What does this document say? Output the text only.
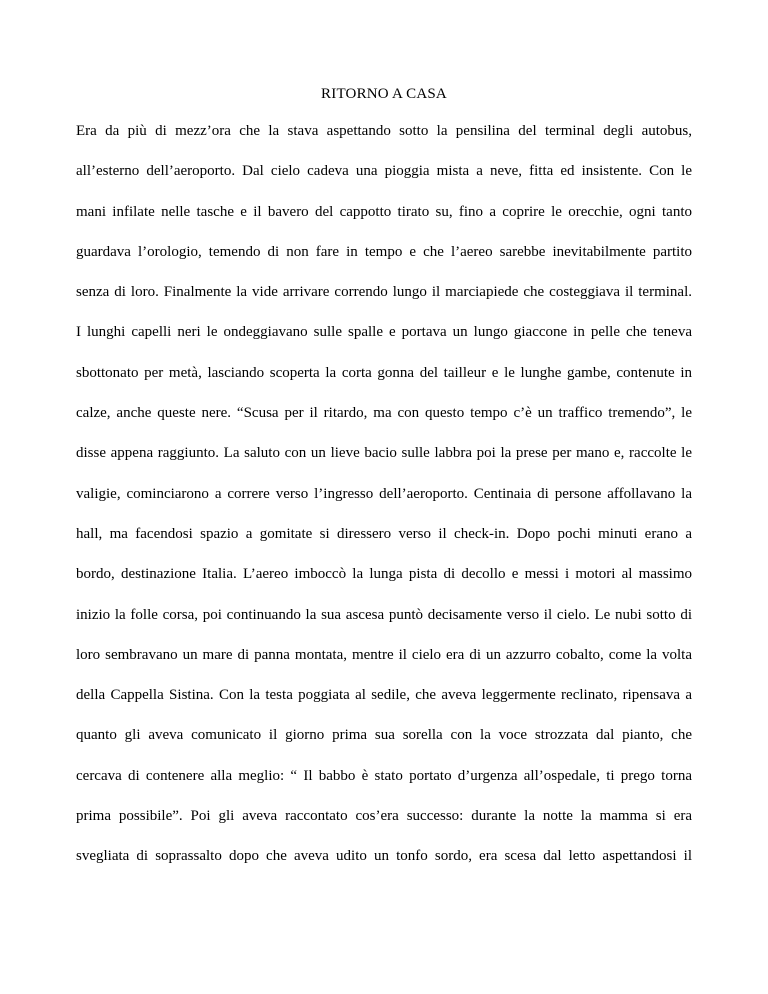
RITORNO A CASA
Era da più di mezz’ora che la stava aspettando sotto la pensilina del terminal degli autobus,
all’esterno dell’aeroporto. Dal cielo cadeva una pioggia mista a neve, fitta ed insistente. Con le
mani infilate nelle tasche e il bavero del cappotto tirato su, fino a coprire le orecchie, ogni tanto
guardava l’orologio, temendo di non fare in tempo e che l’aereo sarebbe inevitabilmente partito
senza di loro. Finalmente la vide arrivare correndo lungo il marciapiede che costeggiava il terminal.
I lunghi capelli neri le ondeggiavano sulle spalle e portava un lungo giaccone in pelle che teneva
sbottonato per metà, lasciando scoperta la corta gonna del tailleur e le lunghe gambe, contenute in
calze, anche queste nere. “Scusa per il ritardo, ma con questo tempo c’è un traffico tremendo”, le
disse appena raggiunto. La saluto con un lieve bacio sulle labbra poi la prese per mano e, raccolte le
valigie, cominciarono a correre verso l’ingresso dell’aeroporto. Centinaia di persone affollavano la
hall, ma facendosi spazio a gomitate si diressero verso il check-in. Dopo pochi minuti erano a
bordo, destinazione Italia. L’aereo imboccò la lunga pista di decollo e messi i motori al massimo
inizio la folle corsa, poi continuando la sua ascesa puntò decisamente verso il cielo. Le nubi sotto di
loro sembravano un mare di panna montata, mentre il cielo era di un azzurro cobalto, come la volta
della Cappella Sistina. Con la testa poggiata al sedile, che aveva leggermente reclinato, ripensava a
quanto gli aveva comunicato il giorno prima sua sorella con la voce strozzata dal pianto, che
cercava di contenere alla meglio: “ Il babbo è stato portato d’urgenza all’ospedale, ti prego torna
prima possibile”. Poi gli aveva raccontato cos’era successo: durante la notte la mamma si era
svegliata di soprassalto dopo che aveva udito un tonfo sordo, era scesa dal letto aspettandosi il
